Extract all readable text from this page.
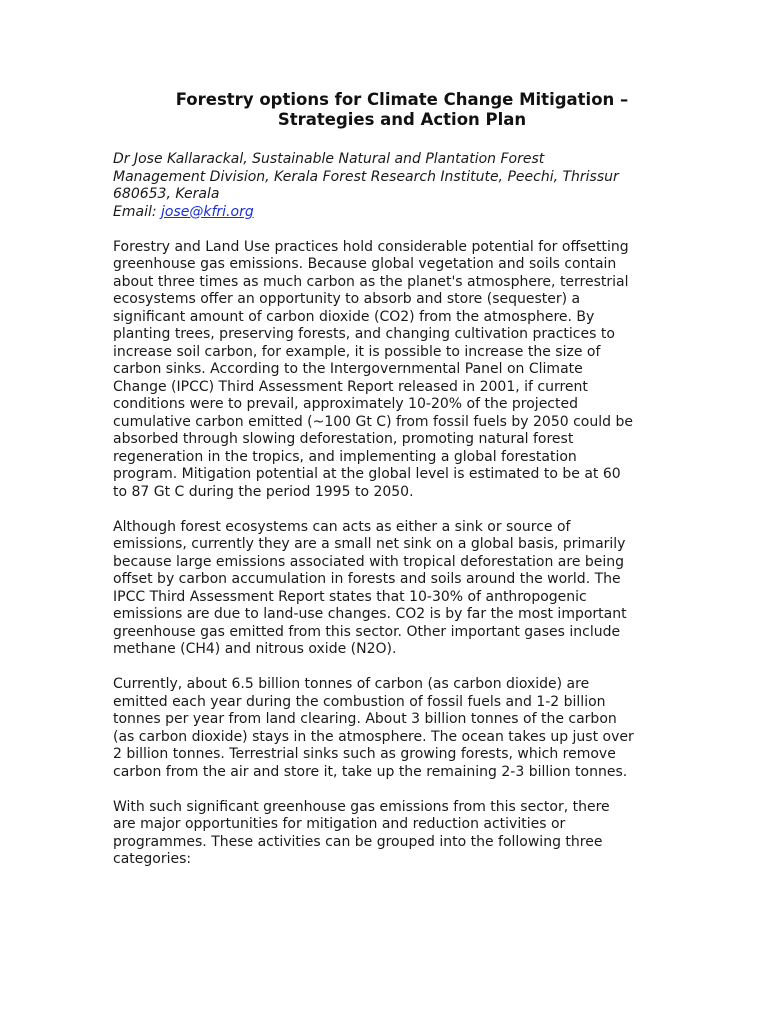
Forestry options for Climate Change Mitigation –
Strategies and Action Plan
Dr Jose Kallarackal, Sustainable Natural and Plantation Forest
Management Division, Kerala Forest Research Institute, Peechi, Thrissur
680653, Kerala
Email: jose@kfri.org

Forestry and Land Use practices hold considerable potential for offsetting
greenhouse gas emissions. Because global vegetation and soils contain
about three times as much carbon as the planet's atmosphere, terrestrial
ecosystems offer an opportunity to absorb and store (sequester) a
significant amount of carbon dioxide (CO2) from the atmosphere. By
planting trees, preserving forests, and changing cultivation practices to
increase soil carbon, for example, it is possible to increase the size of
carbon sinks. According to the Intergovernmental Panel on Climate
Change (IPCC) Third Assessment Report released in 2001, if current
conditions were to prevail, approximately 10-20% of the projected
cumulative carbon emitted (~100 Gt C) from fossil fuels by 2050 could be
absorbed through slowing deforestation, promoting natural forest
regeneration in the tropics, and implementing a global forestation
program. Mitigation potential at the global level is estimated to be at 60
to 87 Gt C during the period 1995 to 2050.

Although forest ecosystems can acts as either a sink or source of
emissions, currently they are a small net sink on a global basis, primarily
because large emissions associated with tropical deforestation are being
offset by carbon accumulation in forests and soils around the world. The
IPCC Third Assessment Report states that 10-30% of anthropogenic
emissions are due to land-use changes. CO2 is by far the most important
greenhouse gas emitted from this sector. Other important gases include
methane (CH4) and nitrous oxide (N2O).

Currently, about 6.5 billion tonnes of carbon (as carbon dioxide) are
emitted each year during the combustion of fossil fuels and 1-2 billion
tonnes per year from land clearing. About 3 billion tonnes of the carbon
(as carbon dioxide) stays in the atmosphere. The ocean takes up just over
2 billion tonnes. Terrestrial sinks such as growing forests, which remove
carbon from the air and store it, take up the remaining 2-3 billion tonnes.

With such significant greenhouse gas emissions from this sector, there
are major opportunities for mitigation and reduction activities or
programmes. These activities can be grouped into the following three
categories:
